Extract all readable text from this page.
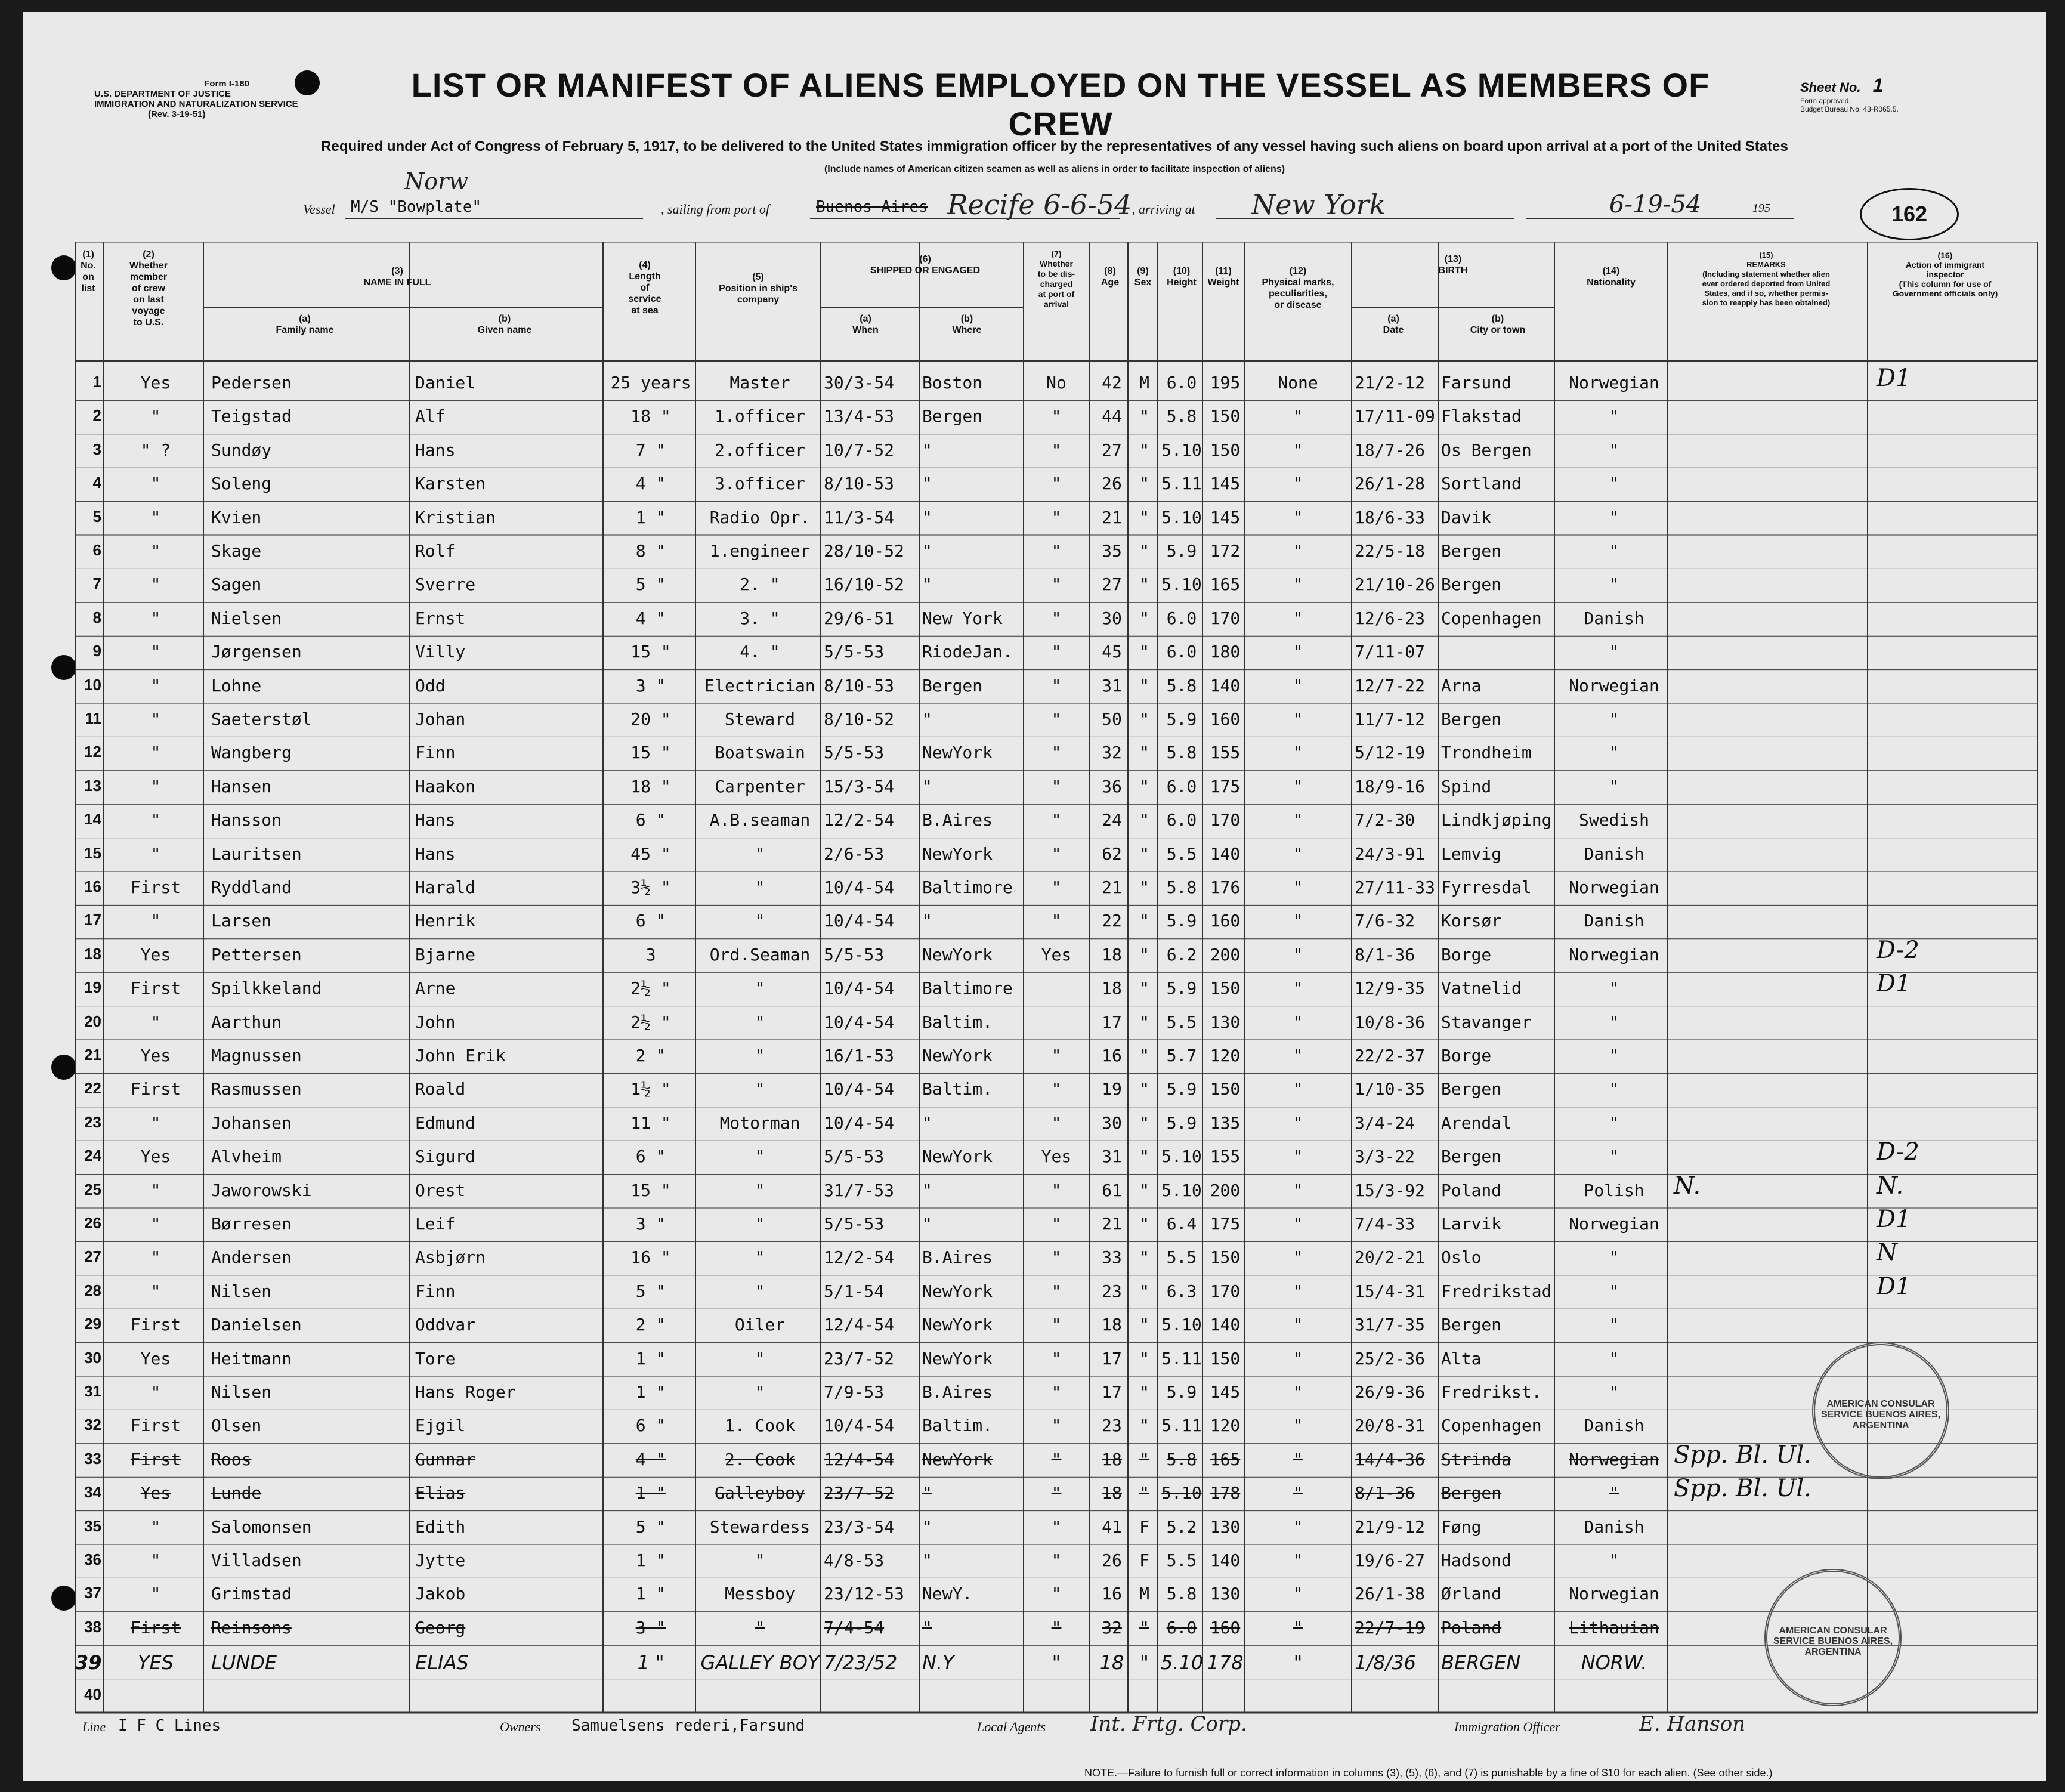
Form I-180
U.S. DEPARTMENT OF JUSTICE
IMMIGRATION AND NATURALIZATION SERVICE
(Rev. 3-19-51)
LIST OR MANIFEST OF ALIENS EMPLOYED ON THE VESSEL AS MEMBERS OF CREW
Sheet No. 1
Form approved.
Budget Bureau No. 43-R065.5.
Required under Act of Congress of February 5, 1917, to be delivered to the United States immigration officer by the representatives of any vessel having such aliens on board upon arrival at a port of the United States
(Include names of American citizen seamen as well as aliens in order to facilitate inspection of aliens)
Vessel M/S "Bowplate"
Norw
, sailing from port of	Buenos Aires Recife 6-6-54 , arriving at New York	6-19-54	195	162
(1)
No.
on
list
(2)
Whether
member
of crew
on last
voyage
to U.S.
(3)
NAME IN FULL
(a)
Family name
(b)
Given name
(4)
Length
of
service
at sea
(5)
Position in ship's
company
(6)
SHIPPED OR ENGAGED
(a)
When
(b)
Where
(7)
Whether
to be dis-
charged
at port of
arrival
(8)
Age
(9)
Sex
(10)
Height
(11)
Weight
(12)
Physical marks,
peculiarities,
or disease
(13)
BIRTH
(a)
Date
(b)
City or town
(14)
Nationality
(15)
REMARKS
(Including statement whether alien
ever ordered deported from United
States, and if so, whether permis-
sion to reapply has been obtained)
(16)
Action of immigrant
inspector
(This column for use of
Government officials only)
1	Yes	Pedersen	Daniel	25 years	Master	30/3-54	Boston	No	42	M	6.0 195	None	21/2-12 Farsund	Norwegian	D1
2	"	Teigstad	Alf	18 "	1.officer	13/4-53	Bergen	"	44	"	5.8 150	"	17/11-09 Flakstad	"
3	" ?	Sundøy	Hans	7 "	2.officer	10/7-52	"	"	27	" 5.10 150	"	18/7-26 Os Bergen	"
4	"	Soleng	Karsten	4 "	3.officer	8/10-53	"	"	26	" 5.11 145	"	26/1-28 Sortland	"
5	"	Kvien	Kristian	1 "	Radio Opr. 11/3-54	"	"	21	" 5.10 145	"	18/6-33 Davik	"
6	"	Skage	Rolf	8 "	1.engineer 28/10-52	"	"	35	"	5.9 172	"	22/5-18 Bergen	"
7	"	Sagen	Sverre	5 "	2. "	16/10-52	"	"	27	" 5.10 165	"	21/10-26 Bergen	"
8	"	Nielsen	Ernst	4 "	3. "	29/6-51	New York	"	30	"	6.0 170	"	12/6-23 Copenhagen	Danish
9	"	Jørgensen	Villy	15 "	4. "	5/5-53	RiodeJan.	"	45	"	6.0 180	"	7/11-07	"
10	"	Lohne	Odd	3 "	Electrician 8/10-53	Bergen	"	31	"	5.8 140	"	12/7-22 Arna	Norwegian
11	"	Saeterstøl	Johan	20 "	Steward	8/10-52	"	"	50	"	5.9 160	"	11/7-12 Bergen	"
12	"	Wangberg	Finn	15 "	Boatswain	5/5-53	NewYork	"	32	"	5.8 155	"	5/12-19 Trondheim	"
13	"	Hansen	Haakon	18 "	Carpenter	15/3-54	"	"	36	"	6.0 175	"	18/9-16 Spind	"
14	"	Hansson	Hans	6 "	A.B.seaman 12/2-54	B.Aires	"	24	"	6.0 170	"	7/2-30	Lindkjøping	Swedish
15	"	Lauritsen	Hans	45 "	"	2/6-53	NewYork	"	62	"	5.5 140	"	24/3-91 Lemvig	Danish
16	First	Ryddland	Harald	3½ "	"	10/4-54	Baltimore	"	21	"	5.8 176	"	27/11-33 Fyrresdal	Norwegian
17	"	Larsen	Henrik	6 "	"	10/4-54	"	"	22	"	5.9 160	"	7/6-32	Korsør	Danish
18	Yes	Pettersen	Bjarne	3	Ord.Seaman 5/5-53	NewYork	Yes	18	"	6.2 200	"	8/1-36	Borge	Norwegian	D-2
19	First	Spilkkeland	Arne	2½ "	"	10/4-54	Baltimore	18	"	5.9 150	"	12/9-35 Vatnelid	"	D1
20	"	Aarthun	John	2½ "	"	10/4-54	Baltim.	17	"	5.5 130	"	10/8-36 Stavanger	"
21	Yes	Magnussen	John Erik	2 "	"	16/1-53	NewYork	"	16	"	5.7 120	"	22/2-37 Borge	"
22	First	Rasmussen	Roald	1½ "	"	10/4-54	Baltim.	"	19	"	5.9 150	"	1/10-35 Bergen	"
23	"	Johansen	Edmund	11 "	Motorman	10/4-54	"	"	30	"	5.9 135	"	3/4-24	Arendal	"
24	Yes	Alvheim	Sigurd	6 "	"	5/5-53	NewYork	Yes	31	" 5.10 155	"	3/3-22	Bergen	"	D-2
25	"	Jaworowski	Orest	15 "	"	31/7-53	"	"	61	" 5.10 200	"	15/3-92 Poland	Polish	N.	N.
26	"	Børresen	Leif	3 "	"	5/5-53	"	"	21	"	6.4 175	"	7/4-33	Larvik	Norwegian	D1
27	"	Andersen	Asbjørn	16 "	"	12/2-54	B.Aires	"	33	"	5.5 150	"	20/2-21 Oslo	"	N
28	"	Nilsen	Finn	5 "	"	5/1-54	NewYork	"	23	"	6.3 170	"	15/4-31 Fredrikstad	"	D1
29	First	Danielsen	Oddvar	2 "	Oiler	12/4-54	NewYork	"	18	" 5.10 140	"	31/7-35 Bergen	"
30	Yes	Heitmann	Tore	1 "	"	23/7-52	NewYork	"	17	" 5.11 150	"	25/2-36 Alta	"
31	"	Nilsen	Hans Roger	1 "	"	7/9-53	B.Aires	"	17	"	5.9 145	"	26/9-36 Fredrikst.	"
32	First	Olsen	Ejgil	6 "	1. Cook	10/4-54	Baltim.	"	23	" 5.11 120	"	20/8-31 Copenhagen	Danish
33	First	Roos	Gunnar	4 "	2. Cook	12/4-54	NewYork	"	18	"	5.8 165	"	14/4-36 Strinda	Norwegian Spp. Bl. Ul.
34	Yes	Lunde	Elias	1 "	Galleyboy	23/7-52	"	"	18	" 5.10 178	"	8/1-36	Bergen	"	Spp. Bl. Ul.
35	"	Salomonsen	Edith	5 "	Stewardess 23/3-54	"	"	41	F	5.2 130	"	21/9-12 Føng	Danish
36	"	Villadsen	Jytte	1 "	"	4/8-53	"	"	26	F	5.5 140	"	19/6-27 Hadsond	"
37	"	Grimstad	Jakob	1 "	Messboy	23/12-53	NewY.	"	16	M	5.8 130	"	26/1-38 Ørland	Norwegian
38	First	Reinsons	Georg	3 "	"	7/4-54	"	"	32	"	6.0 160	"	22/7-19 Poland	Lithauian
39	YES	LUNDE	ELIAS	1 "	GALLEY BOY 7/23/52	N.Y	"	18 " 5.10 178	"	1/8/36	BERGEN	NORW.
40
AMERICAN CONSULAR SERVICE BUENOS AIRES, ARGENTINA
AMERICAN CONSULAR SERVICE BUENOS AIRES, ARGENTINA
Line I F C Lines	Owners Samuelsens rederi,Farsund	Local Agents Int. Frtg. Corp.	Immigration Officer	E. Hanson
NOTE.—Failure to furnish full or correct information in columns (3), (5), (6), and (7) is punishable by a fine of $10 for each alien. (See other side.)
